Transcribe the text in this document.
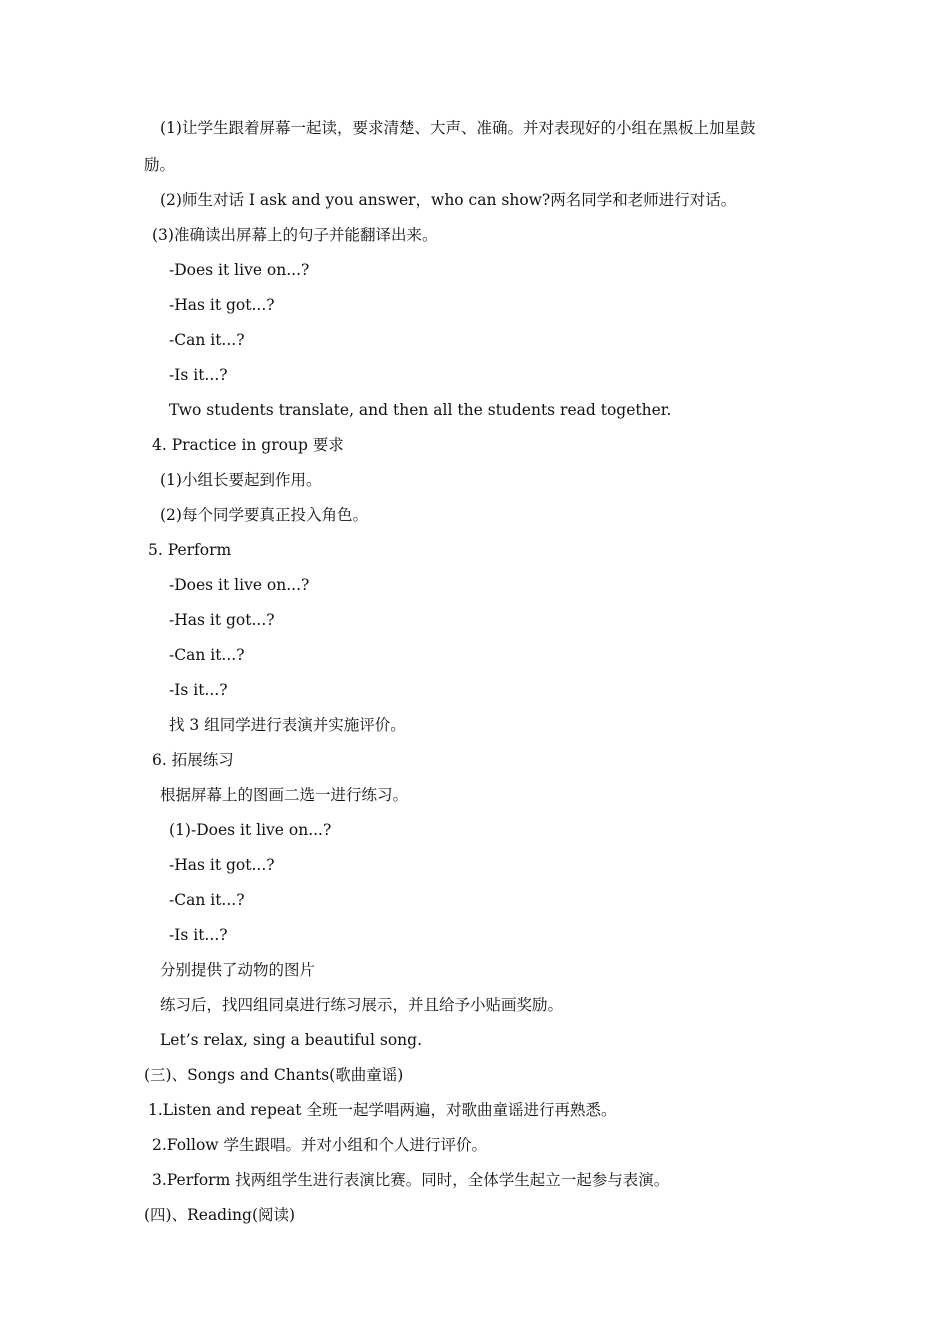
(1)让学生跟着屏幕一起读，要求清楚、大声、准确。并对表现好的小组在黑板上加星鼓

励。

(2)师生对话 I ask and you answer，who can show?两名同学和老师进行对话。

(3)准确读出屏幕上的句子并能翻译出来。

-Does it live on...?

-Has it got...?

-Can it...?

-Is it...?

Two students translate, and then all the students read together.

4. Practice in group 要求

(1)小组长要起到作用。

(2)每个同学要真正投入角色。

5. Perform

-Does it live on...?

-Has it got...?

-Can it...?

-Is it...?

找 3 组同学进行表演并实施评价。

6. 拓展练习

根据屏幕上的图画二选一进行练习。

(1)-Does it live on...?

-Has it got...?

-Can it...?

-Is it...?

分别提供了动物的图片

练习后，找四组同桌进行练习展示，并且给予小贴画奖励。

Let’s relax, sing a beautiful song.

(三)、Songs and Chants(歌曲童谣)

1.Listen and repeat 全班一起学唱两遍，对歌曲童谣进行再熟悉。

2.Follow 学生跟唱。并对小组和个人进行评价。

3.Perform 找两组学生进行表演比赛。同时，全体学生起立一起参与表演。

(四)、Reading(阅读)
